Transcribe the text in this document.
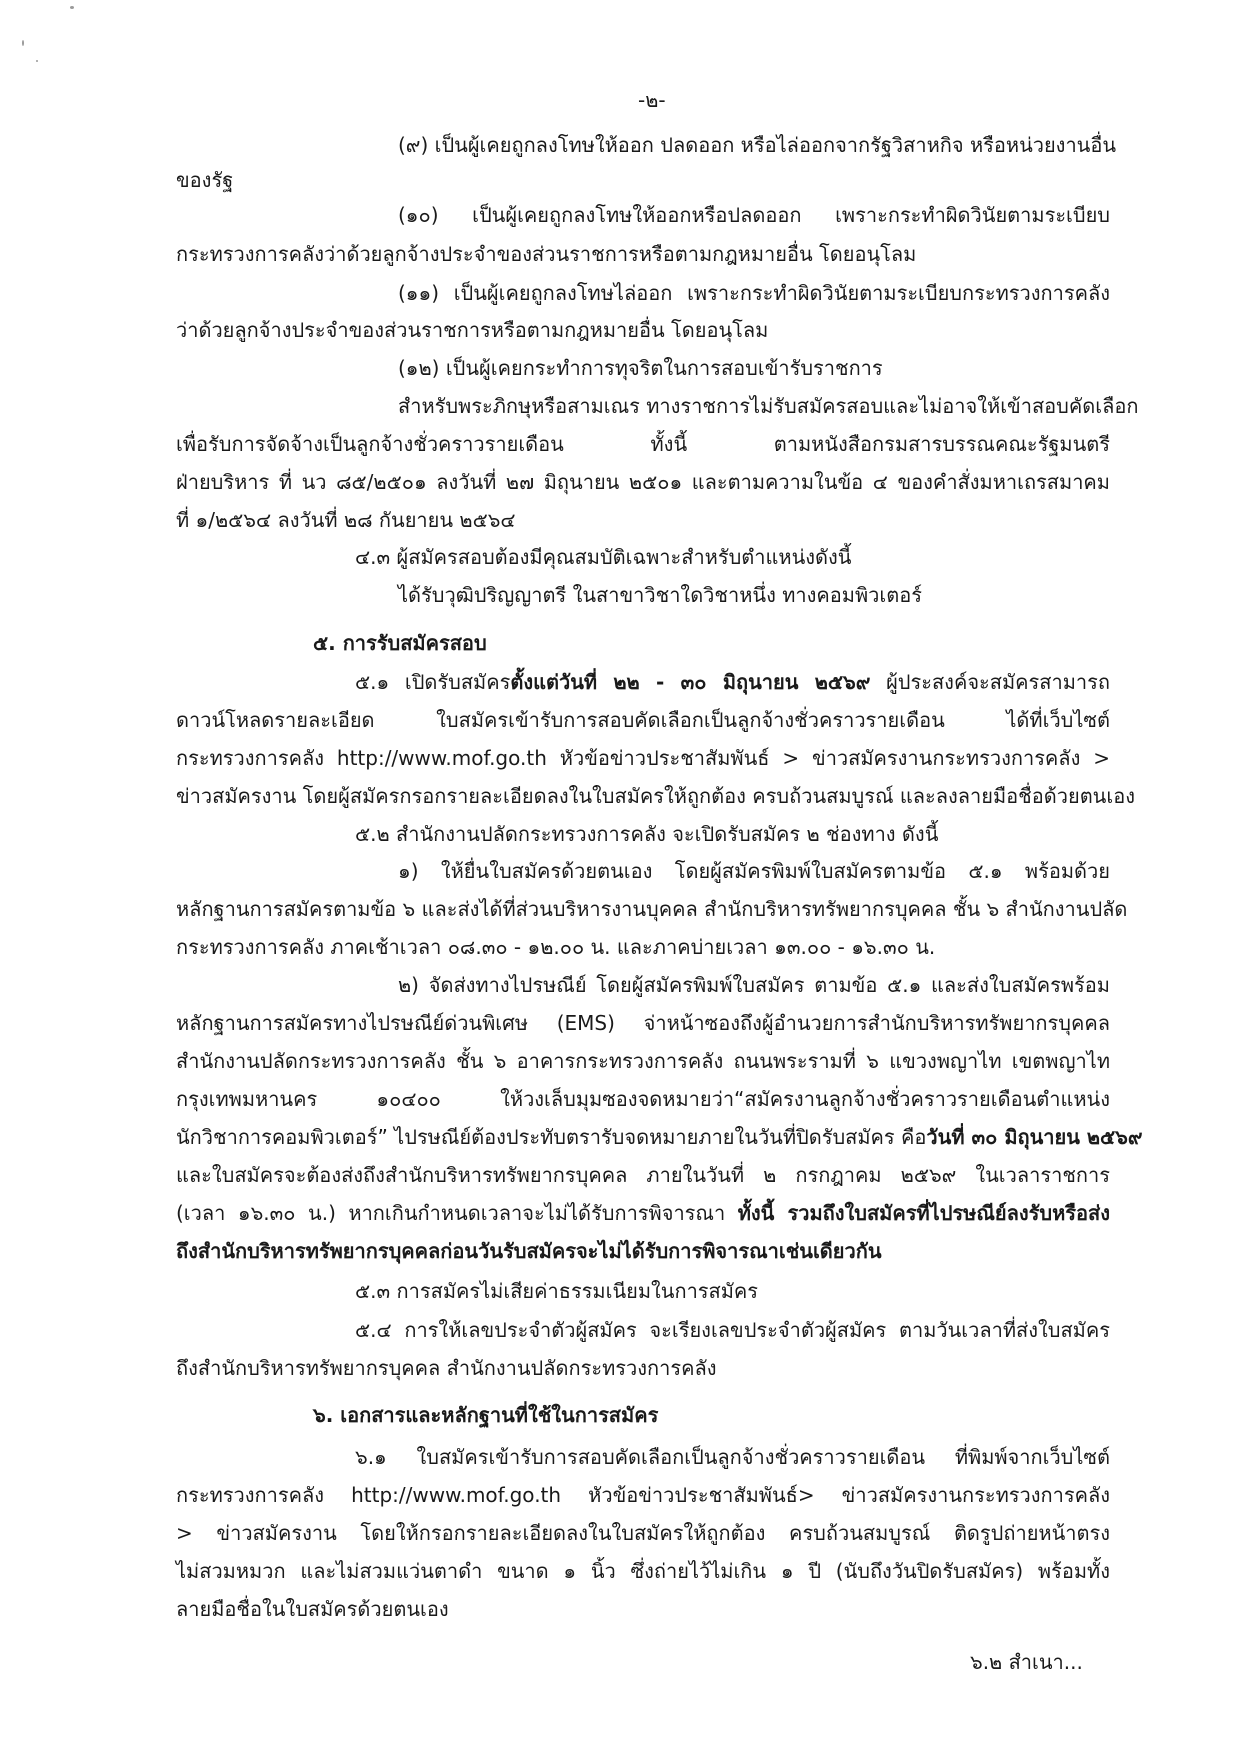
-๒-
(๙) เป็นผู้เคยถูกลงโทษให้ออก ปลดออก หรือไล่ออกจากรัฐวิสาหกิจ หรือหน่วยงานอื่น
ของรัฐ
(๑๐) เป็นผู้เคยถูกลงโทษให้ออกหรือปลดออก เพราะกระทำผิดวินัยตามระเบียบ
กระทรวงการคลังว่าด้วยลูกจ้างประจำของส่วนราชการหรือตามกฎหมายอื่น โดยอนุโลม
(๑๑) เป็นผู้เคยถูกลงโทษไล่ออก เพราะกระทำผิดวินัยตามระเบียบกระทรวงการคลัง
ว่าด้วยลูกจ้างประจำของส่วนราชการหรือตามกฎหมายอื่น โดยอนุโลม
(๑๒) เป็นผู้เคยกระทำการทุจริตในการสอบเข้ารับราชการ
สำหรับพระภิกษุหรือสามเณร ทางราชการไม่รับสมัครสอบและไม่อาจให้เข้าสอบคัดเลือก
เพื่อรับการจัดจ้างเป็นลูกจ้างชั่วคราวรายเดือน ทั้งนี้ ตามหนังสือกรมสารบรรณคณะรัฐมนตรี
ฝ่ายบริหาร ที่ นว ๘๕/๒๕๐๑ ลงวันที่ ๒๗ มิถุนายน ๒๕๐๑ และตามความในข้อ ๔ ของคำสั่งมหาเถรสมาคม
ที่ ๑/๒๕๖๔ ลงวันที่ ๒๘ กันยายน ๒๕๖๔
๔.๓ ผู้สมัครสอบต้องมีคุณสมบัติเฉพาะสำหรับตำแหน่งดังนี้
ได้รับวุฒิปริญญาตรี ในสาขาวิชาใดวิชาหนึ่ง ทางคอมพิวเตอร์
๕. การรับสมัครสอบ
๕.๑ เปิดรับสมัครตั้งแต่วันที่ ๒๒ - ๓๐ มิถุนายน ๒๕๖๙ ผู้ประสงค์จะสมัครสามารถ
ดาวน์โหลดรายละเอียด ใบสมัครเข้ารับการสอบคัดเลือกเป็นลูกจ้างชั่วคราวรายเดือน ได้ที่เว็บไซต์
กระทรวงการคลัง http://www.mof.go.th หัวข้อข่าวประชาสัมพันธ์ > ข่าวสมัครงานกระทรวงการคลัง >
ข่าวสมัครงาน โดยผู้สมัครกรอกรายละเอียดลงในใบสมัครให้ถูกต้อง ครบถ้วนสมบูรณ์ และลงลายมือชื่อด้วยตนเอง
๕.๒ สำนักงานปลัดกระทรวงการคลัง จะเปิดรับสมัคร ๒ ช่องทาง ดังนี้
๑) ให้ยื่นใบสมัครด้วยตนเอง โดยผู้สมัครพิมพ์ใบสมัครตามข้อ ๕.๑ พร้อมด้วย
หลักฐานการสมัครตามข้อ ๖ และส่งได้ที่ส่วนบริหารงานบุคคล สำนักบริหารทรัพยากรบุคคล ชั้น ๖ สำนักงานปลัด
กระทรวงการคลัง ภาคเช้าเวลา ๐๘.๓๐ - ๑๒.๐๐ น. และภาคบ่ายเวลา ๑๓.๐๐ - ๑๖.๓๐ น.
๒) จัดส่งทางไปรษณีย์ โดยผู้สมัครพิมพ์ใบสมัคร ตามข้อ ๕.๑ และส่งใบสมัครพร้อม
หลักฐานการสมัครทางไปรษณีย์ด่วนพิเศษ (EMS) จ่าหน้าซองถึงผู้อำนวยการสำนักบริหารทรัพยากรบุคคล
สำนักงานปลัดกระทรวงการคลัง ชั้น ๖ อาคารกระทรวงการคลัง ถนนพระรามที่ ๖ แขวงพญาไท เขตพญาไท
กรุงเทพมหานคร ๑๐๔๐๐ ให้วงเล็บมุมซองจดหมายว่า“สมัครงานลูกจ้างชั่วคราวรายเดือนตำแหน่ง
นักวิชาการคอมพิวเตอร์” ไปรษณีย์ต้องประทับตรารับจดหมายภายในวันที่ปิดรับสมัคร คือวันที่ ๓๐ มิถุนายน ๒๕๖๙
และใบสมัครจะต้องส่งถึงสำนักบริหารทรัพยากรบุคคล ภายในวันที่ ๒ กรกฎาคม ๒๕๖๙ ในเวลาราชการ
(เวลา ๑๖.๓๐ น.) หากเกินกำหนดเวลาจะไม่ได้รับการพิจารณา ทั้งนี้ รวมถึงใบสมัครที่ไปรษณีย์ลงรับหรือส่ง
ถึงสำนักบริหารทรัพยากรบุคคลก่อนวันรับสมัครจะไม่ได้รับการพิจารณาเช่นเดียวกัน
๕.๓ การสมัครไม่เสียค่าธรรมเนียมในการสมัคร
๕.๔ การให้เลขประจำตัวผู้สมัคร จะเรียงเลขประจำตัวผู้สมัคร ตามวันเวลาที่ส่งใบสมัคร
ถึงสำนักบริหารทรัพยากรบุคคล สำนักงานปลัดกระทรวงการคลัง
๖. เอกสารและหลักฐานที่ใช้ในการสมัคร
๖.๑ ใบสมัครเข้ารับการสอบคัดเลือกเป็นลูกจ้างชั่วคราวรายเดือน ที่พิมพ์จากเว็บไซต์
กระทรวงการคลัง http://www.mof.go.th หัวข้อข่าวประชาสัมพันธ์> ข่าวสมัครงานกระทรวงการคลัง
> ข่าวสมัครงาน โดยให้กรอกรายละเอียดลงในใบสมัครให้ถูกต้อง ครบถ้วนสมบูรณ์ ติดรูปถ่ายหน้าตรง
ไม่สวมหมวก และไม่สวมแว่นตาดำ ขนาด ๑ นิ้ว ซึ่งถ่ายไว้ไม่เกิน ๑ ปี (นับถึงวันปิดรับสมัคร) พร้อมทั้ง
ลายมือชื่อในใบสมัครด้วยตนเอง
๖.๒ สำเนา...
